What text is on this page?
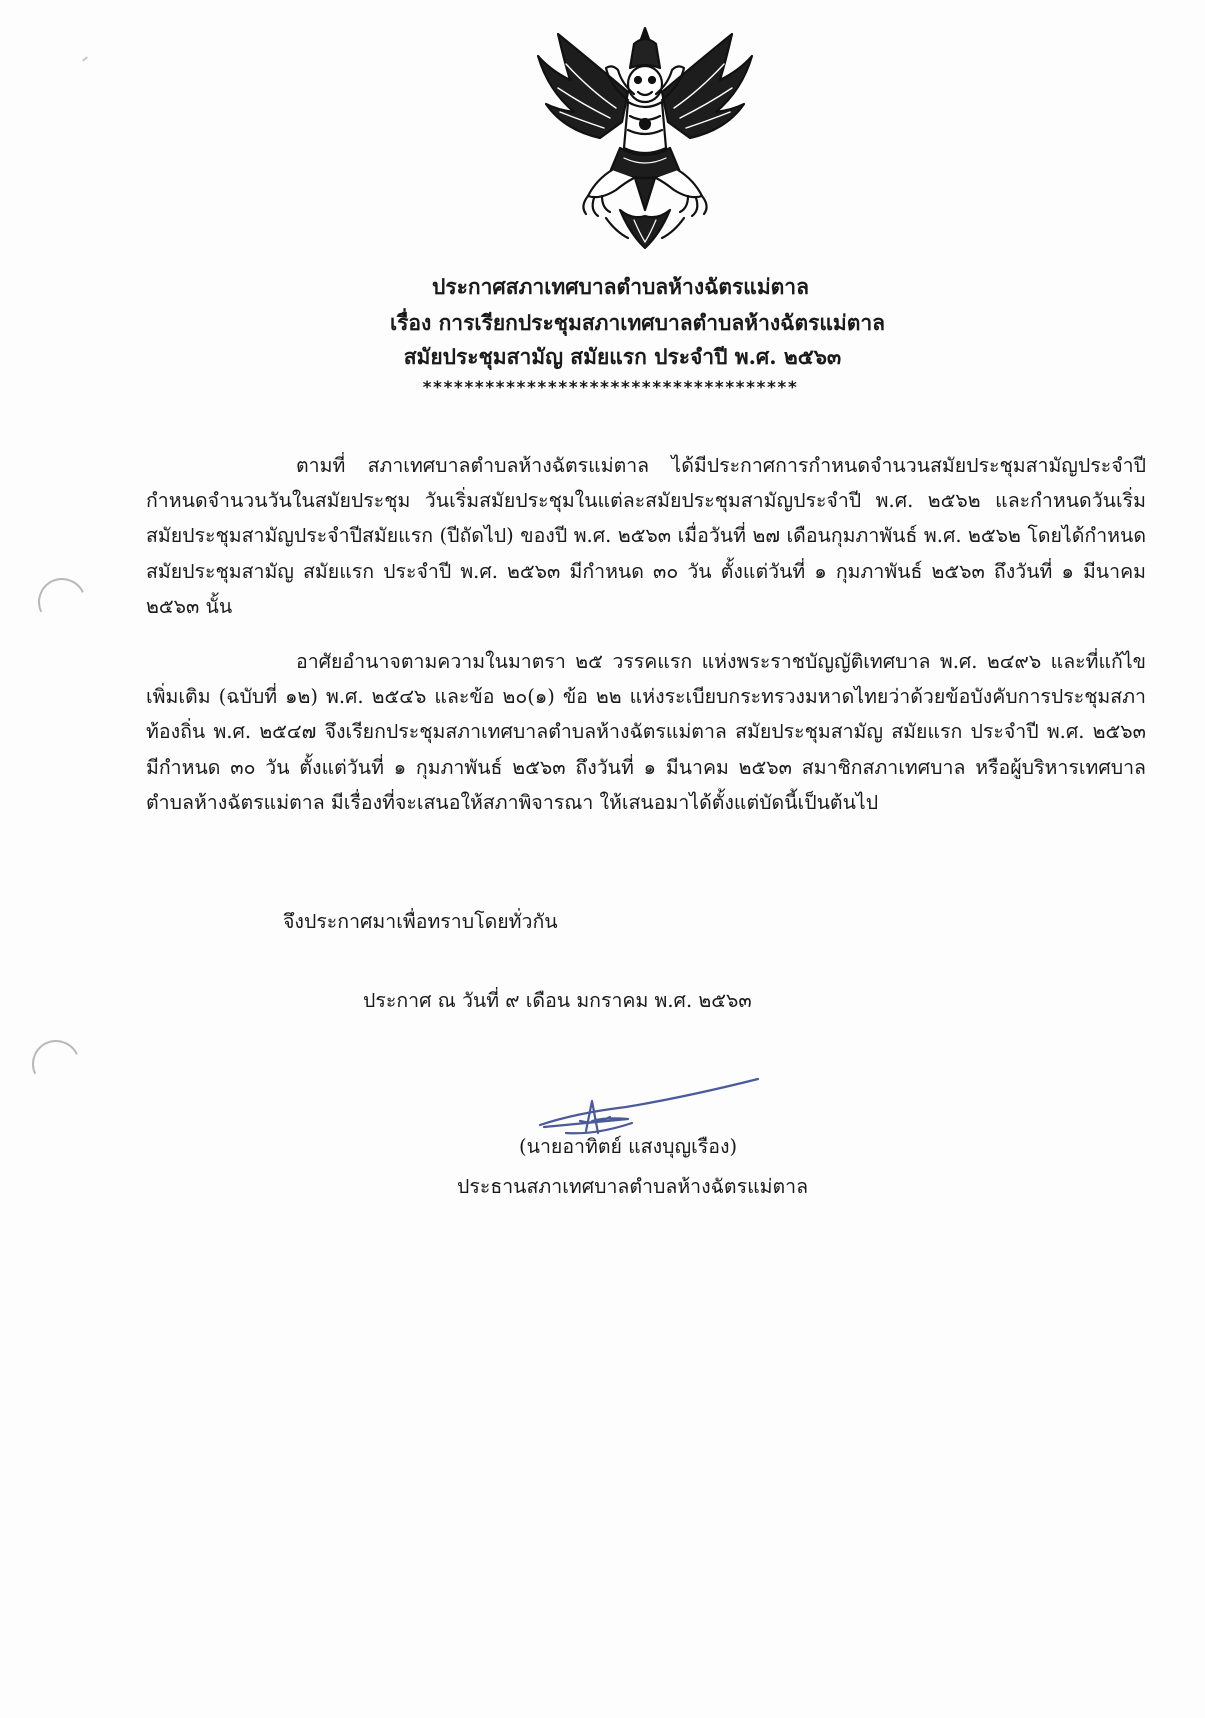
ประกาศสภาเทศบาลตำบลห้างฉัตรแม่ตาล
เรื่อง การเรียกประชุมสภาเทศบาลตำบลห้างฉัตรแม่ตาล
สมัยประชุมสามัญ สมัยแรก ประจำปี พ.ศ. ๒๕๖๓
************************************
ตามที่ สภาเทศบาลตำบลห้างฉัตรแม่ตาล ได้มีประกาศการกำหนดจำนวนสมัยประชุมสามัญประจำปี กำหนดจำนวนวันในสมัยประชุม วันเริ่มสมัยประชุมในแต่ละสมัยประชุมสามัญประจำปี พ.ศ. ๒๕๖๒ และกำหนดวันเริ่มสมัยประชุมสามัญประจำปีสมัยแรก (ปีถัดไป) ของปี พ.ศ. ๒๕๖๓ เมื่อวันที่ ๒๗ เดือนกุมภาพันธ์ พ.ศ. ๒๕๖๒ โดยได้กำหนดสมัยประชุมสามัญ สมัยแรก ประจำปี พ.ศ. ๒๕๖๓ มีกำหนด ๓๐ วัน ตั้งแต่วันที่ ๑ กุมภาพันธ์ ๒๕๖๓ ถึงวันที่ ๑ มีนาคม ๒๕๖๓ นั้น
อาศัยอำนาจตามความในมาตรา ๒๕ วรรคแรก แห่งพระราชบัญญัติเทศบาล พ.ศ. ๒๔๙๖ และที่แก้ไขเพิ่มเติม (ฉบับที่ ๑๒) พ.ศ. ๒๕๔๖ และข้อ ๒๐(๑) ข้อ ๒๒ แห่งระเบียบกระทรวงมหาดไทยว่าด้วยข้อบังคับการประชุมสภาท้องถิ่น พ.ศ. ๒๕๔๗ จึงเรียกประชุมสภาเทศบาลตำบลห้างฉัตรแม่ตาล สมัยประชุมสามัญ สมัยแรก ประจำปี พ.ศ. ๒๕๖๓ มีกำหนด ๓๐ วัน ตั้งแต่วันที่ ๑ กุมภาพันธ์ ๒๕๖๓ ถึงวันที่ ๑ มีนาคม ๒๕๖๓ สมาชิกสภาเทศบาล หรือผู้บริหารเทศบาลตำบลห้างฉัตรแม่ตาล มีเรื่องที่จะเสนอให้สภาพิจารณา ให้เสนอมาได้ตั้งแต่บัดนี้เป็นต้นไป
จึงประกาศมาเพื่อทราบโดยทั่วกัน
ประกาศ ณ วันที่ ๙ เดือน มกราคม พ.ศ. ๒๕๖๓
(นายอาทิตย์ แสงบุญเรือง)
ประธานสภาเทศบาลตำบลห้างฉัตรแม่ตาล
